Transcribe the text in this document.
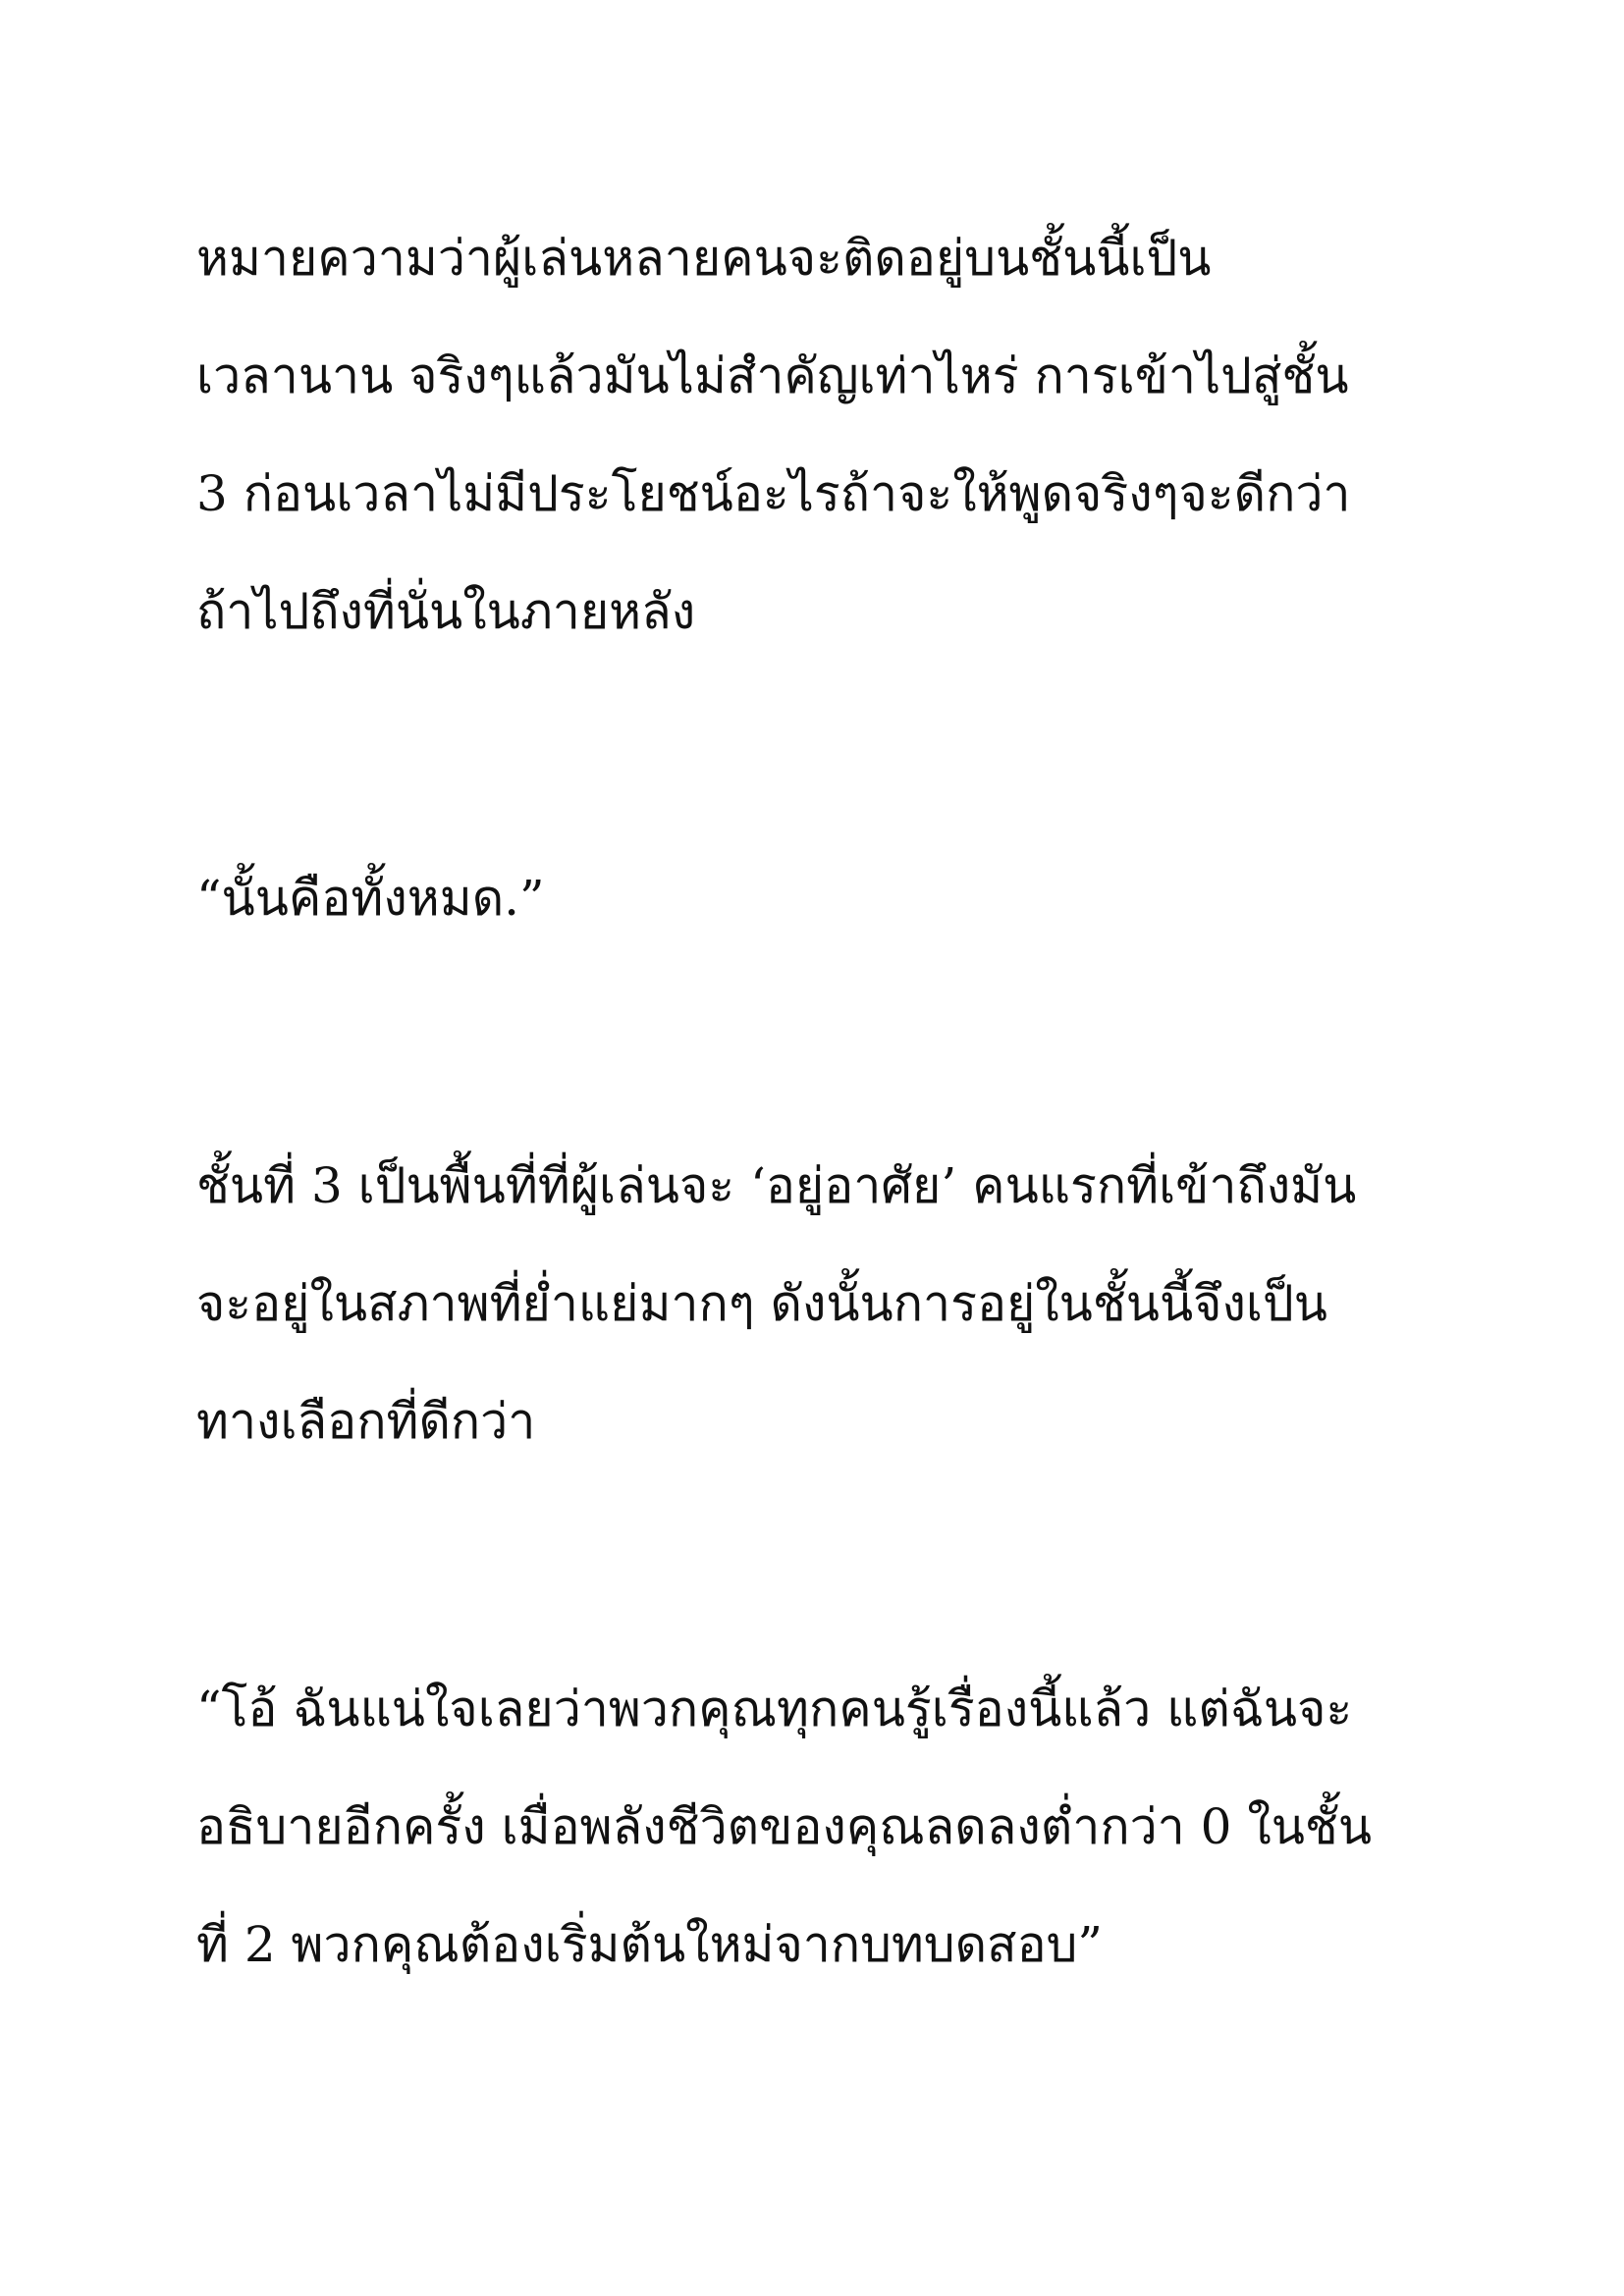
หมายความว่าผู้เล่นหลายคนจะติดอยู่บนชั้นนี้เป็น

เวลานาน จริงๆแล้วมันไม่สำคัญเท่าไหร่ การเข้าไปสู่ชั้น

3 ก่อนเวลาไม่มีประโยชน์อะไรถ้าจะให้พูดจริงๆจะดีกว่า

ถ้าไปถึงที่นั่นในภายหลัง

“นั้นคือทั้งหมด.”

ชั้นที่ 3 เป็นพื้นที่ที่ผู้เล่นจะ ‘อยู่อาศัย’ คนแรกที่เข้าถึงมัน

จะอยู่ในสภาพที่ย่ำแย่มากๆ ดังนั้นการอยู่ในชั้นนี้จึงเป็น

ทางเลือกที่ดีกว่า

“โอ้ ฉันแน่ใจเลยว่าพวกคุณทุกคนรู้เรื่องนี้แล้ว แต่ฉันจะ

อธิบายอีกครั้ง เมื่อพลังชีวิตของคุณลดลงต่ำกว่า 0 ในชั้น

ที่ 2 พวกคุณต้องเริ่มต้นใหม่จากบทบดสอบ”
